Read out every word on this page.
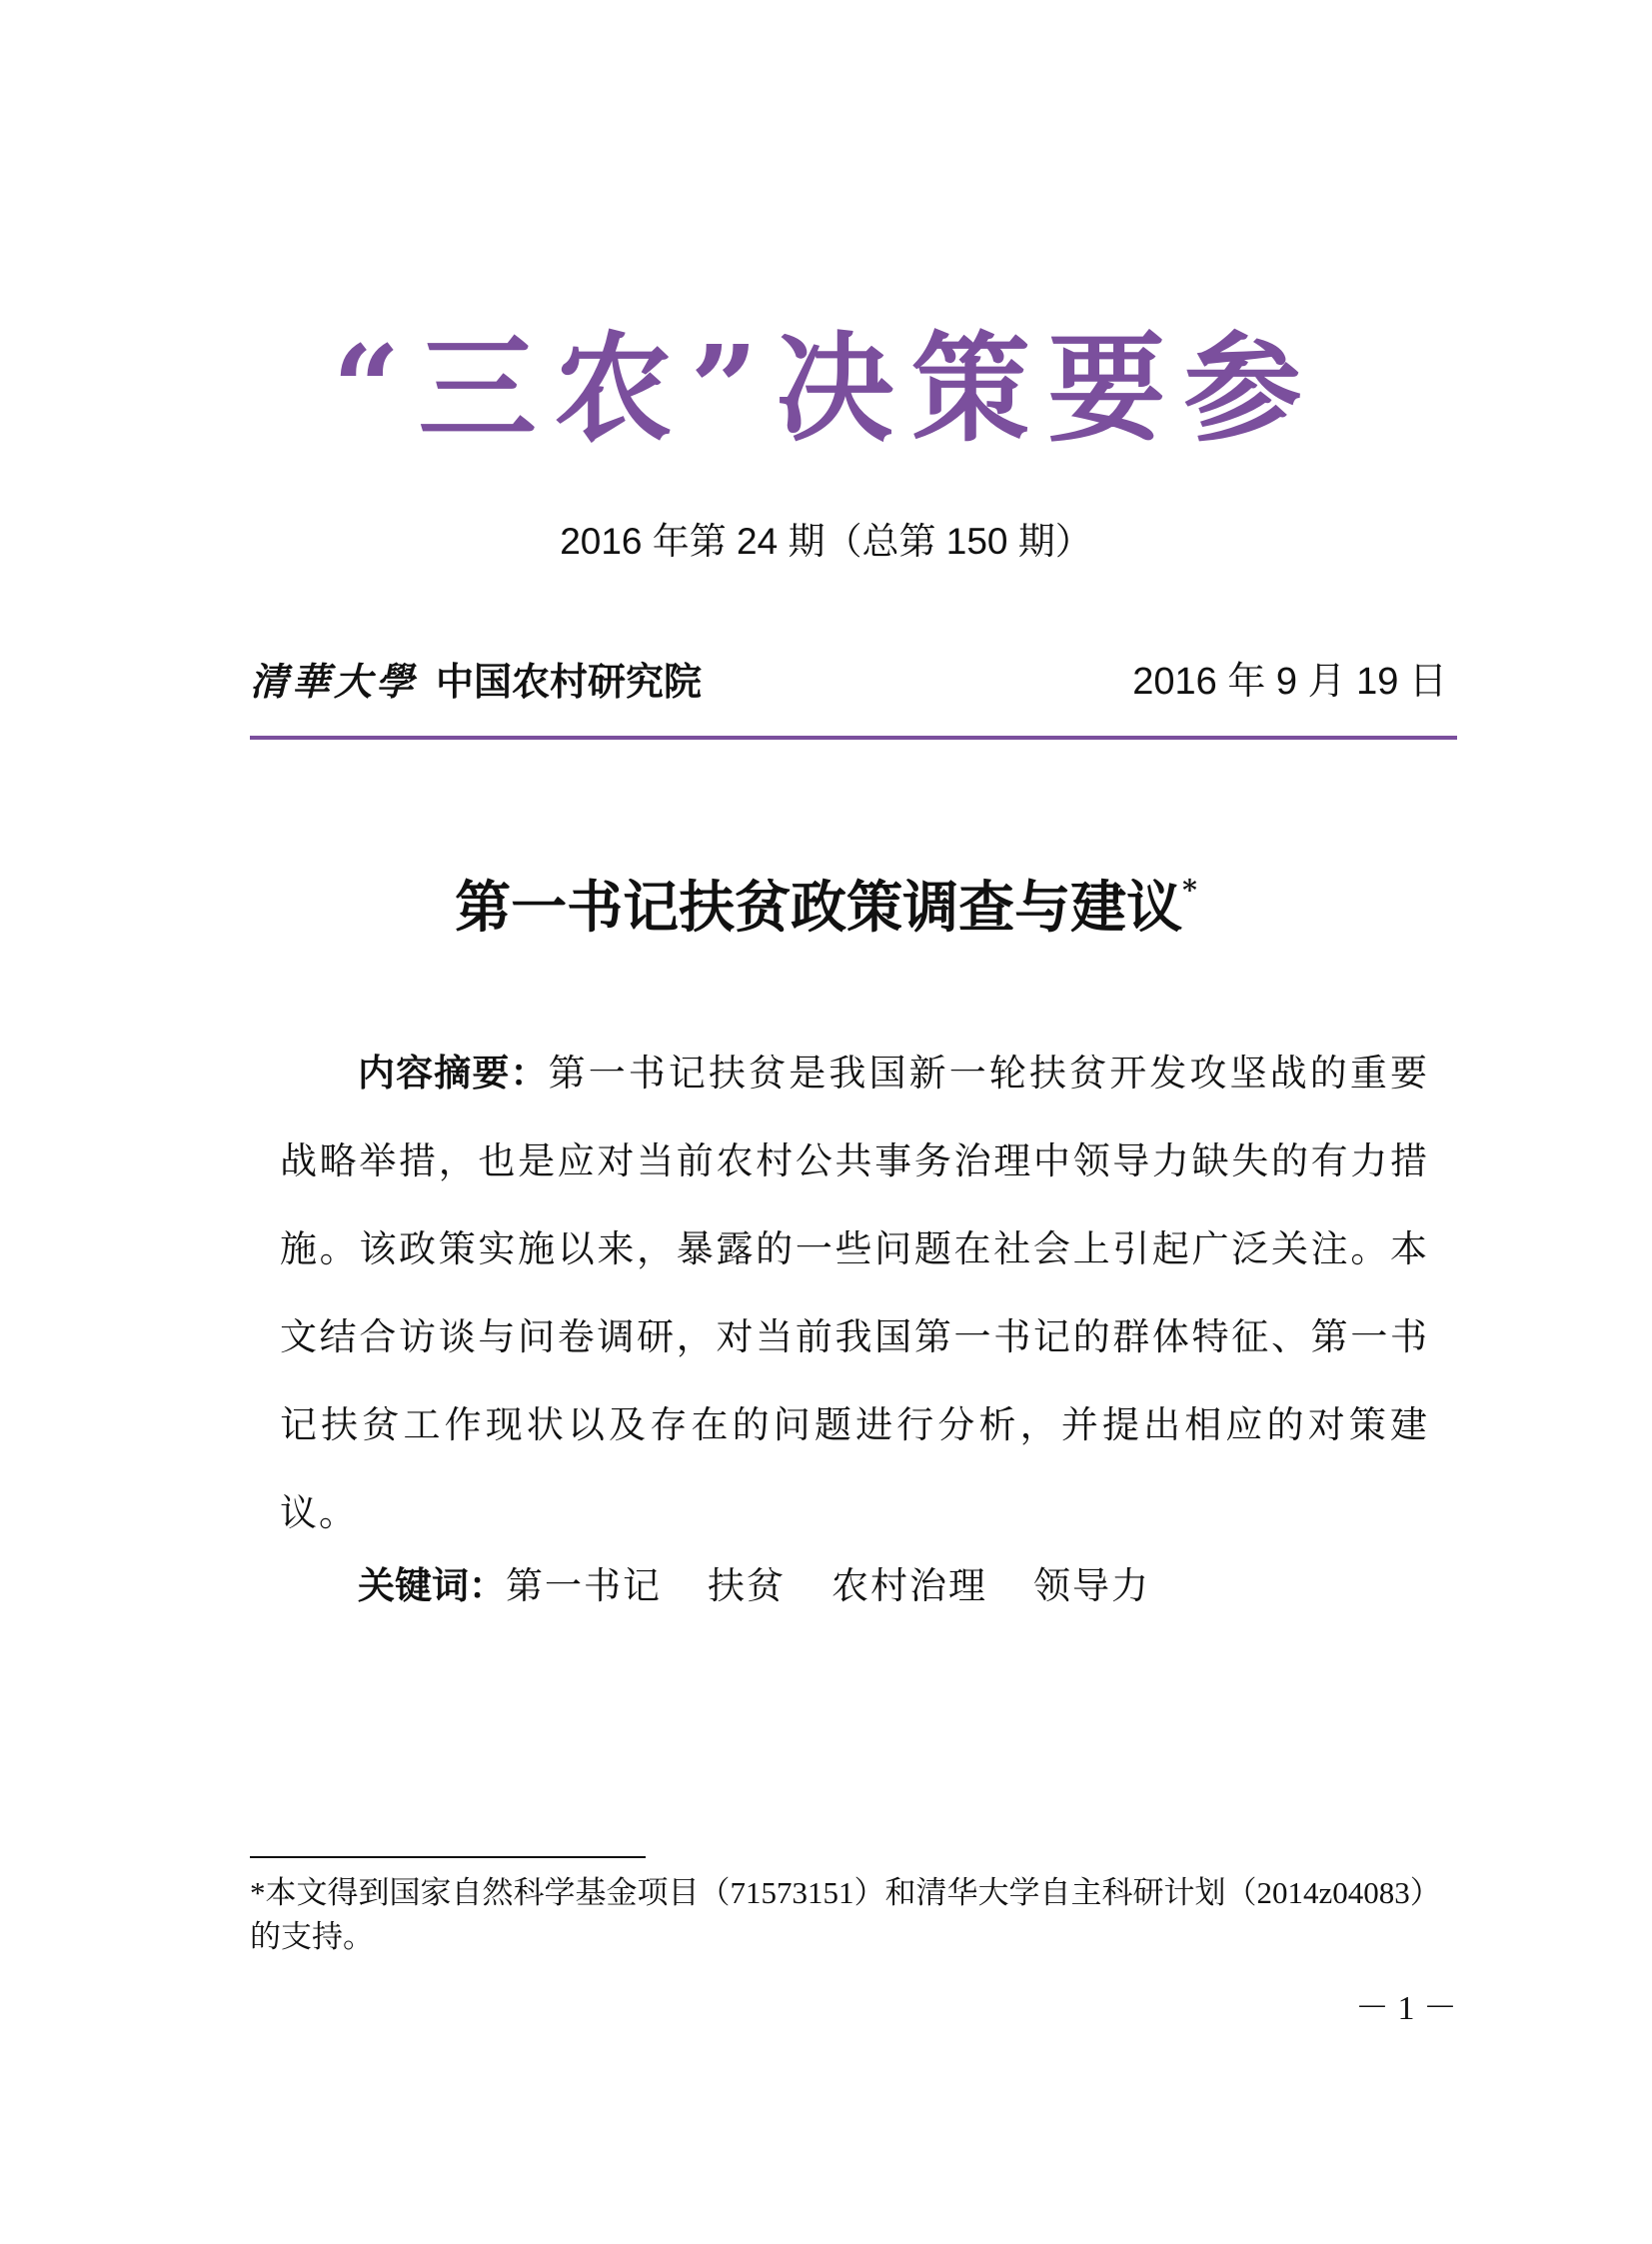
“三农”决策要参
2016 年第 24 期（总第 150 期）
清華大學 中国农村研究院	2016 年 9 月 19 日
第一书记扶贫政策调查与建议*

内容摘要：第一书记扶贫是我国新一轮扶贫开发攻坚战的重要战略举措，也是应对当前农村公共事务治理中领导力缺失的有力措施。该政策实施以来，暴露的一些问题在社会上引起广泛关注。本文结合访谈与问卷调研，对当前我国第一书记的群体特征、第一书记扶贫工作现状以及存在的问题进行分析，并提出相应的对策建议。

关键词：第一书记 扶贫 农村治理 领导力

*本文得到国家自然科学基金项目（71573151）和清华大学自主科研计划（2014z04083）的支持。

－ 1 －
